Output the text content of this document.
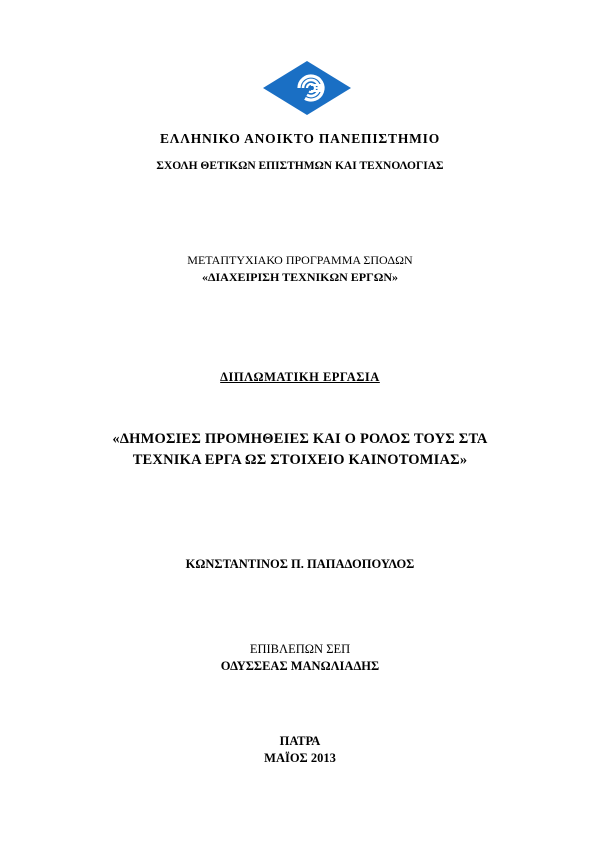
ΕΛΛΗΝΙΚΟ ΑΝΟΙΚΤΟ ΠΑΝΕΠΙΣΤΗΜΙΟ
ΣΧΟΛΗ ΘΕΤΙΚΩΝ ΕΠΙΣΤΗΜΩΝ ΚΑΙ ΤΕΧΝΟΛΟΓΙΑΣ
ΜΕΤΑΠΤΥΧΙΑΚΟ ΠΡΟΓΡΑΜΜΑ ΣΠΟΔΩΝ
«ΔΙΑΧΕΙΡΙΣΗ ΤΕΧΝΙΚΩΝ ΕΡΓΩΝ»
ΔΙΠΛΩΜΑΤΙΚΗ ΕΡΓΑΣΙΑ
«ΔΗΜΟΣΙΕΣ ΠΡΟΜΗΘΕΙΕΣ ΚΑΙ Ο ΡΟΛΟΣ ΤΟΥΣ ΣΤΑ
ΤΕΧΝΙΚΑ ΕΡΓΑ ΩΣ ΣΤΟΙΧΕΙΟ ΚΑΙΝΟΤΟΜΙΑΣ»
ΚΩΝΣΤΑΝΤΙΝΟΣ Π. ΠΑΠΑΔΟΠΟΥΛΟΣ
ΕΠΙΒΛΕΠΩΝ ΣΕΠ
ΟΔΥΣΣΕΑΣ ΜΑΝΩΛΙΑΔΗΣ
ΠΑΤΡΑ
ΜΑΪΟΣ 2013
